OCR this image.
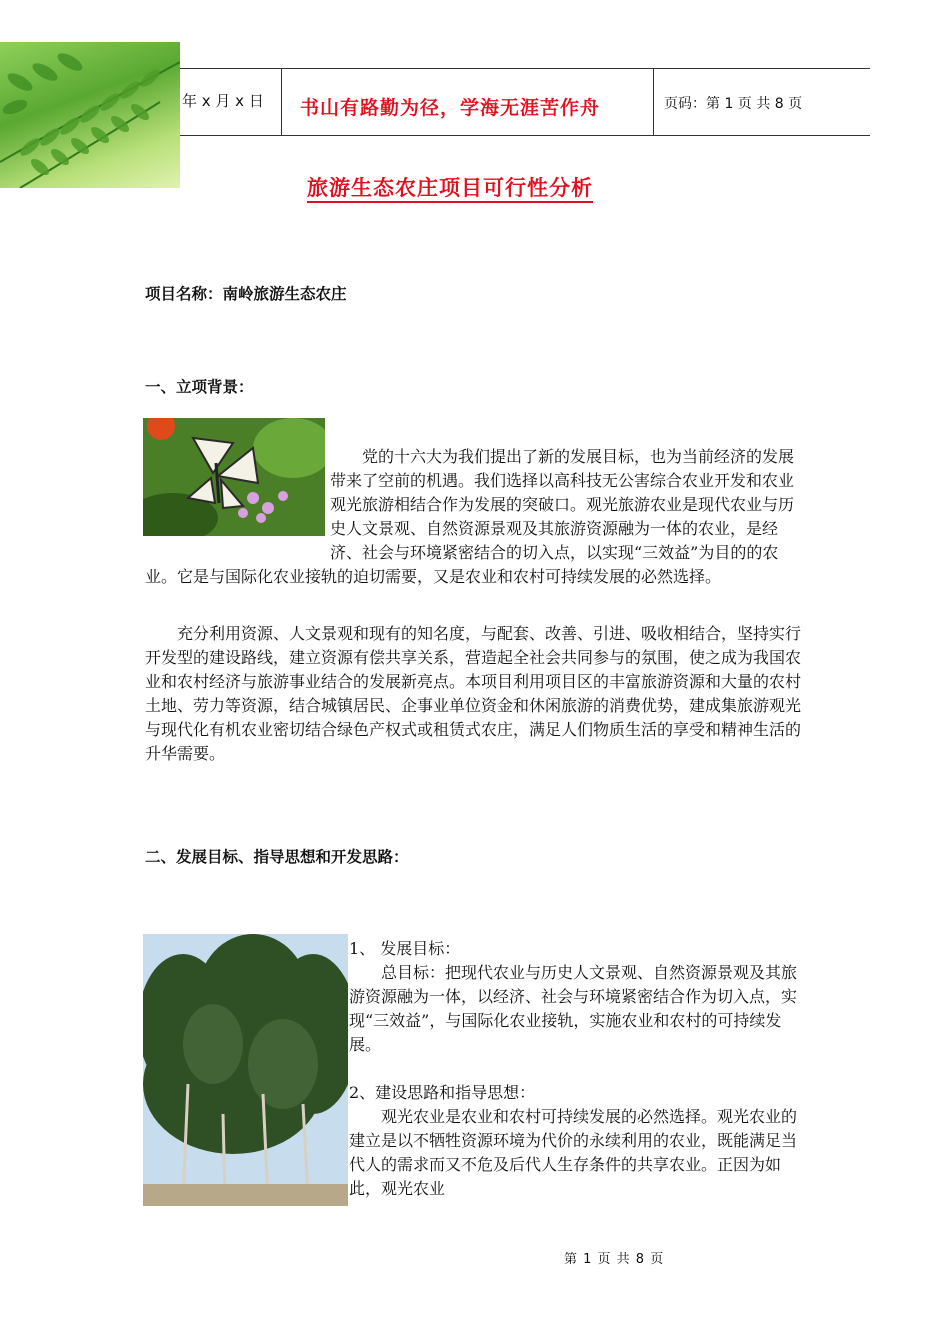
年 x 月 x 日 书山有路勤为径，学海无涯苦作舟	页码：第 1 页 共 8 页
旅游生态农庄项目可行性分析
项目名称：南岭旅游生态农庄
一、立项背景：
党的十六大为我们提出了新的发展目标，也为当前经济的发展带来了空前的机遇。我们选择以高科技无公害综合农业开发和农业观光旅游相结合作为发展的突破口。观光旅游农业是现代农业与历史人文景观、自然资源景观及其旅游资源融为一体的农业，是经济、社会与环境紧密结合的切入点，以实现“三效益”为目的的农业。它是与国际化农业接轨的迫切需要，又是农业和农村可持续发展的必然选择。
充分利用资源、人文景观和现有的知名度，与配套、改善、引进、吸收相结合，坚持实行开发型的建设路线，建立资源有偿共享关系，营造起全社会共同参与的氛围，使之成为我国农业和农村经济与旅游事业结合的发展新亮点。本项目利用项目区的丰富旅游资源和大量的农村土地、劳力等资源，结合城镇居民、企事业单位资金和休闲旅游的消费优势，建成集旅游观光与现代化有机农业密切结合绿色产权式或租赁式农庄，满足人们物质生活的享受和精神生活的升华需要。
二、发展目标、指导思想和开发思路：

1、 发展目标：

总目标：把现代农业与历史人文景观、自然资源景观及其旅游资源融为一体，以经济、社会与环境紧密结合作为切入点，实现“三效益”，与国际化农业接轨，实施农业和农村的可持续发展。

2、建设思路和指导思想：

观光农业是农业和农村可持续发展的必然选择。观光农业的建立是以不牺牲资源环境为代价的永续利用的农业，既能满足当代人的需求而又不危及后代人生存条件的共享农业。正因为如此，观光农业

第 1 页 共 8 页
